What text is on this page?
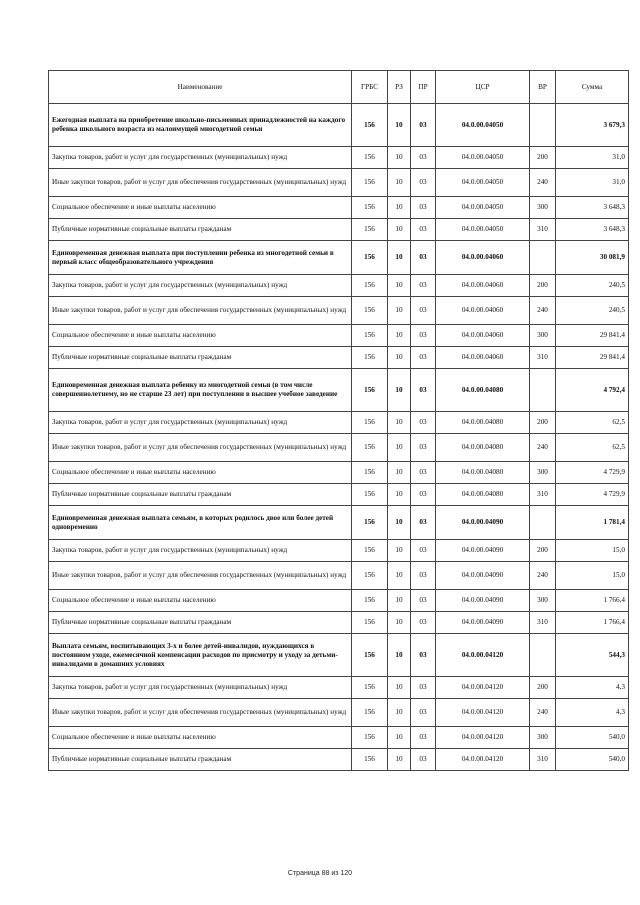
Наименование	ГРБС	РЗ	ПР	ЦСР	ВР	Сумма
Ежегодная выплата на приобретение школьно-письменных принадлежностей на каждого ребенка школьного возраста из малоимущей многодетной семьи	156	10	03	04.0.00.04050		3 679,3
Закупка товаров, работ и услуг для государственных (муниципальных) нужд	156	10	03	04.0.00.04050	200	31,0
Иные закупки товаров, работ и услуг для обеспечения государственных (муниципальных) нужд	156	10	03	04.0.00.04050	240	31,0
Социальное обеспечение и иные выплаты населению	156	10	03	04.0.00.04050	300	3 648,3
Публичные нормативные социальные выплаты гражданам	156	10	03	04.0.00.04050	310	3 648,3
Единовременная денежная выплата при поступлении ребенка из многодетной семьи в первый класс общеобразовательного учреждения	156	10	03	04.0.00.04060		30 081,9
Закупка товаров, работ и услуг для государственных (муниципальных) нужд	156	10	03	04.0.00.04060	200	240,5
Иные закупки товаров, работ и услуг для обеспечения государственных (муниципальных) нужд	156	10	03	04.0.00.04060	240	240,5
Социальное обеспечение и иные выплаты населению	156	10	03	04.0.00.04060	300	29 841,4
Публичные нормативные социальные выплаты гражданам	156	10	03	04.0.00.04060	310	29 841,4
Единовременная денежная выплата ребенку из многодетной семьи (в том числе совершеннолетнему, но не старше 23 лет) при поступлении в высшее учебное заведение	156	10	03	04.0.00.04080		4 792,4
Закупка товаров, работ и услуг для государственных (муниципальных) нужд	156	10	03	04.0.00.04080	200	62,5
Иные закупки товаров, работ и услуг для обеспечения государственных (муниципальных) нужд	156	10	03	04.0.00.04080	240	62,5
Социальное обеспечение и иные выплаты населению	156	10	03	04.0.00.04080	300	4 729,9
Публичные нормативные социальные выплаты гражданам	156	10	03	04.0.00.04080	310	4 729,9
Единовременная денежная выплата семьям, в которых родилось двое или более детей одновременно	156	10	03	04.0.00.04090		1 781,4
Закупка товаров, работ и услуг для государственных (муниципальных) нужд	156	10	03	04.0.00.04090	200	15,0
Иные закупки товаров, работ и услуг для обеспечения государственных (муниципальных) нужд	156	10	03	04.0.00.04090	240	15,0
Социальное обеспечение и иные выплаты населению	156	10	03	04.0.00.04090	300	1 766,4
Публичные нормативные социальные выплаты гражданам	156	10	03	04.0.00.04090	310	1 766,4
Выплата семьям, воспитывающих 3-х и более детей-инвалидов, нуждающихся в постоянном уходе, ежемесячной компенсации расходов по присмотру и уходу за детьми-инвалидами в домашних условиях	156	10	03	04.0.00.04120		544,3
Закупка товаров, работ и услуг для государственных (муниципальных) нужд	156	10	03	04.0.00.04120	200	4,3
Иные закупки товаров, работ и услуг для обеспечения государственных (муниципальных) нужд	156	10	03	04.0.00.04120	240	4,3
Социальное обеспечение и иные выплаты населению	156	10	03	04.0.00.04120	300	540,0
Публичные нормативные социальные выплаты гражданам	156	10	03	04.0.00.04120	310	540,0
Страница 88 из 120
